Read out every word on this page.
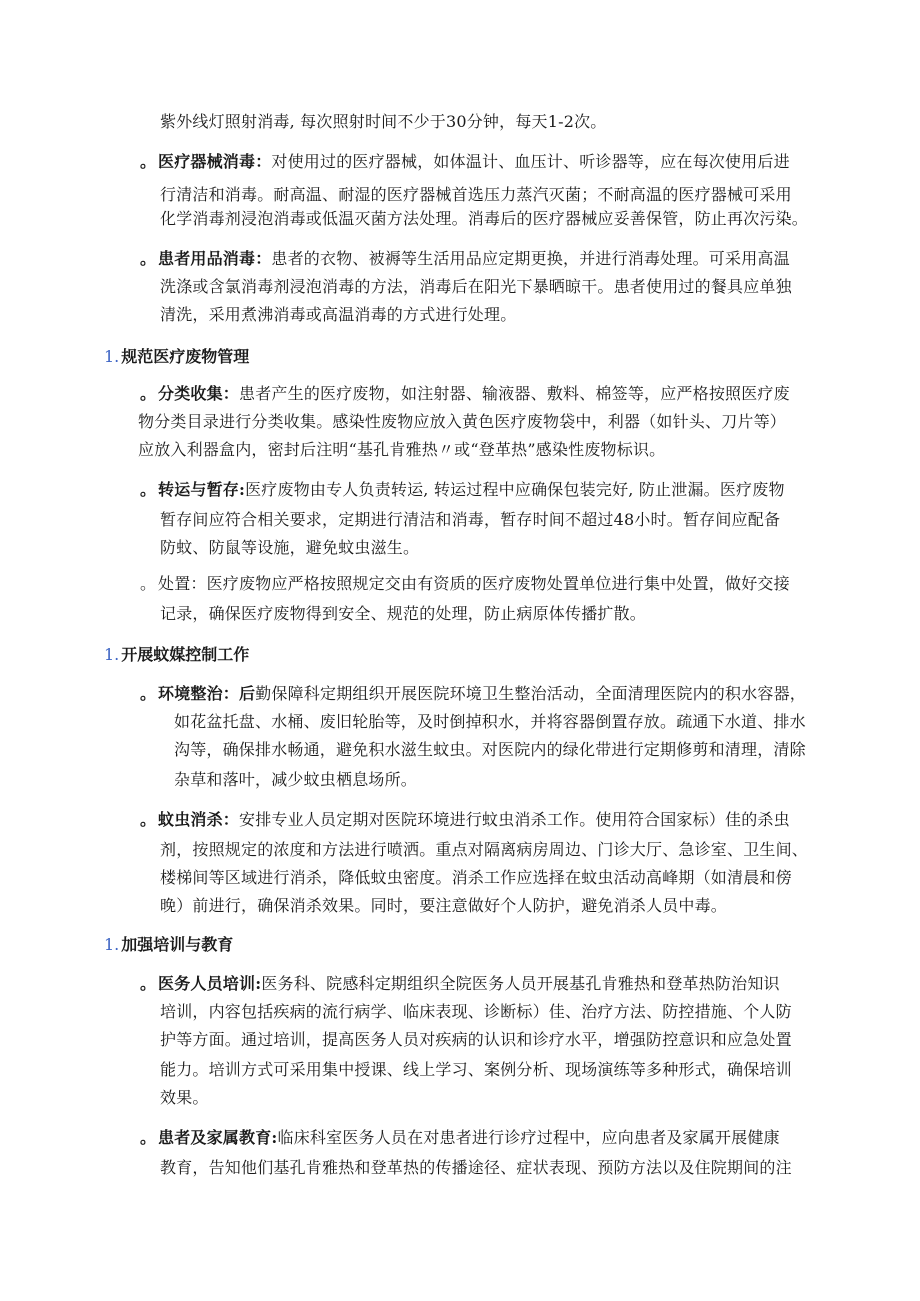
紫外线灯照射消毒, 每次照射时间不少于30分钟，每天1-2次。
。 医疗器械消毒：对使用过的医疗器械，如体温计、血压计、听诊器等，应在每次使用后进
行清洁和消毒。耐高温、耐湿的医疗器械首选压力蒸汽灭菌；不耐高温的医疗器械可采用
化学消毒剂浸泡消毒或低温灭菌方法处理。消毒后的医疗器械应妥善保管，防止再次污染。
。 患者用品消毒：患者的衣物、被褥等生活用品应定期更换，并进行消毒处理。可采用高温
洗涤或含氯消毒剂浸泡消毒的方法，消毒后在阳光下暴晒晾干。患者使用过的餐具应单独
清洗，采用煮沸消毒或高温消毒的方式进行处理。
1. 规范医疗废物管理
。 分类收集：患者产生的医疗废物，如注射器、输液器、敷料、棉签等，应严格按照医疗废
物分类目录进行分类收集。感染性废物应放入黄色医疗废物袋中，利器（如针头、刀片等）
应放入利器盒内，密封后注明“基孔肯雅热〃或“登革热”感染性废物标识。
。 转运与暂存:医疗废物由专人负责转运, 转运过程中应确保包装完好, 防止泄漏。医疗废物
暂存间应符合相关要求，定期进行清洁和消毒，暂存时间不超过48小时。暂存间应配备
防蚊、防鼠等设施，避免蚊虫滋生。
。 处置：医疗废物应严格按照规定交由有资质的医疗废物处置单位进行集中处置，做好交接
记录，确保医疗废物得到安全、规范的处理，防止病原体传播扩散。
1. 开展蚊媒控制工作
。 环境整治：后勤保障科定期组织开展医院环境卫生整治活动，全面清理医院内的积水容器，
如花盆托盘、水桶、废旧轮胎等，及时倒掉积水，并将容器倒置存放。疏通下水道、排水
沟等，确保排水畅通，避免积水滋生蚊虫。对医院内的绿化带进行定期修剪和清理，清除
杂草和落叶，减少蚊虫栖息场所。
。 蚊虫消杀：安排专业人员定期对医院环境进行蚊虫消杀工作。使用符合国家标）佳的杀虫
剂，按照规定的浓度和方法进行喷洒。重点对隔离病房周边、门诊大厅、急诊室、卫生间、
楼梯间等区域进行消杀，降低蚊虫密度。消杀工作应选择在蚊虫活动高峰期（如清晨和傍
晚）前进行，确保消杀效果。同时，要注意做好个人防护，避免消杀人员中毒。
1. 加强培训与教育
。 医务人员培训:医务科、院感科定期组织全院医务人员开展基孔肯雅热和登革热防治知识
培训，内容包括疾病的流行病学、临床表现、诊断标）佳、治疗方法、防控措施、个人防
护等方面。通过培训，提高医务人员对疾病的认识和诊疗水平，增强防控意识和应急处置
能力。培训方式可采用集中授课、线上学习、案例分析、现场演练等多种形式，确保培训
效果。
。 患者及家属教育:临床科室医务人员在对患者进行诊疗过程中，应向患者及家属开展健康
教育，告知他们基孔肯雅热和登革热的传播途径、症状表现、预防方法以及住院期间的注
